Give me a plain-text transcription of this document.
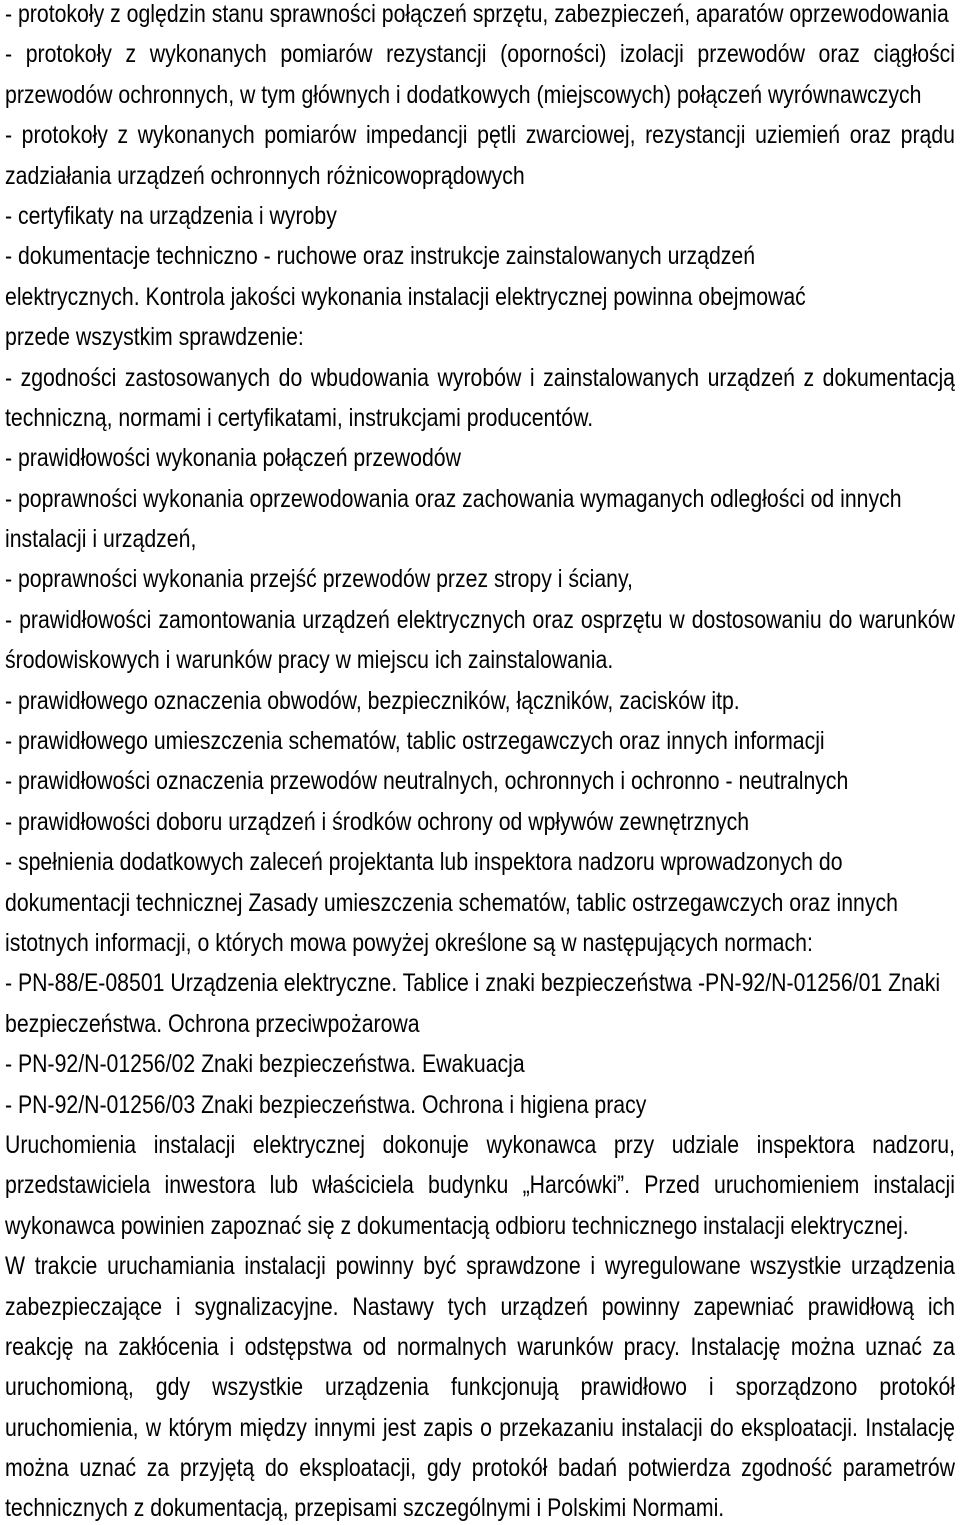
- protokoły z oględzin stanu sprawności połączeń sprzętu, zabezpieczeń, aparatów oprzewodowania
- protokoły z wykonanych pomiarów rezystancji (oporności) izolacji przewodów oraz ciągłości
przewodów ochronnych, w tym głównych i dodatkowych (miejscowych) połączeń wyrównawczych
- protokoły z wykonanych pomiarów impedancji pętli zwarciowej, rezystancji uziemień oraz prądu
zadziałania urządzeń ochronnych różnicowoprądowych
- certyfikaty na urządzenia i wyroby
- dokumentacje techniczno - ruchowe oraz instrukcje zainstalowanych urządzeń
elektrycznych. Kontrola jakości wykonania instalacji elektrycznej powinna obejmować
przede wszystkim sprawdzenie:
- zgodności zastosowanych do wbudowania wyrobów i zainstalowanych urządzeń z dokumentacją
techniczną, normami i certyfikatami, instrukcjami producentów.
- prawidłowości wykonania połączeń przewodów
- poprawności wykonania oprzewodowania oraz zachowania wymaganych odległości od innych
instalacji i urządzeń,
- poprawności wykonania przejść przewodów przez stropy i ściany,
- prawidłowości zamontowania urządzeń elektrycznych oraz osprzętu w dostosowaniu do warunków
środowiskowych i warunków pracy w miejscu ich zainstalowania.
- prawidłowego oznaczenia obwodów, bezpieczników, łączników, zacisków itp.
- prawidłowego umieszczenia schematów, tablic ostrzegawczych oraz innych informacji
- prawidłowości oznaczenia przewodów neutralnych, ochronnych i ochronno - neutralnych
- prawidłowości doboru urządzeń i środków ochrony od wpływów zewnętrznych
- spełnienia dodatkowych zaleceń projektanta lub inspektora nadzoru wprowadzonych do
dokumentacji technicznej Zasady umieszczenia schematów, tablic ostrzegawczych oraz innych
istotnych informacji, o których mowa powyżej określone są w następujących normach:
- PN-88/E-08501 Urządzenia elektryczne. Tablice i znaki bezpieczeństwa -PN-92/N-01256/01 Znaki
bezpieczeństwa. Ochrona przeciwpożarowa
- PN-92/N-01256/02 Znaki bezpieczeństwa. Ewakuacja
- PN-92/N-01256/03 Znaki bezpieczeństwa. Ochrona i higiena pracy
Uruchomienia instalacji elektrycznej dokonuje wykonawca przy udziale inspektora nadzoru,
przedstawiciela inwestora lub właściciela budynku „Harcówki”. Przed uruchomieniem instalacji
wykonawca powinien zapoznać się z dokumentacją odbioru technicznego instalacji elektrycznej.
W trakcie uruchamiania instalacji powinny być sprawdzone i wyregulowane wszystkie urządzenia
zabezpieczające i sygnalizacyjne. Nastawy tych urządzeń powinny zapewniać prawidłową ich
reakcję na zakłócenia i odstępstwa od normalnych warunków pracy. Instalację można uznać za
uruchomioną, gdy wszystkie urządzenia funkcjonują prawidłowo i sporządzono protokół
uruchomienia, w którym między innymi jest zapis o przekazaniu instalacji do eksploatacji. Instalację
można uznać za przyjętą do eksploatacji, gdy protokół badań potwierdza zgodność parametrów
technicznych z dokumentacją, przepisami szczególnymi i Polskimi Normami.
